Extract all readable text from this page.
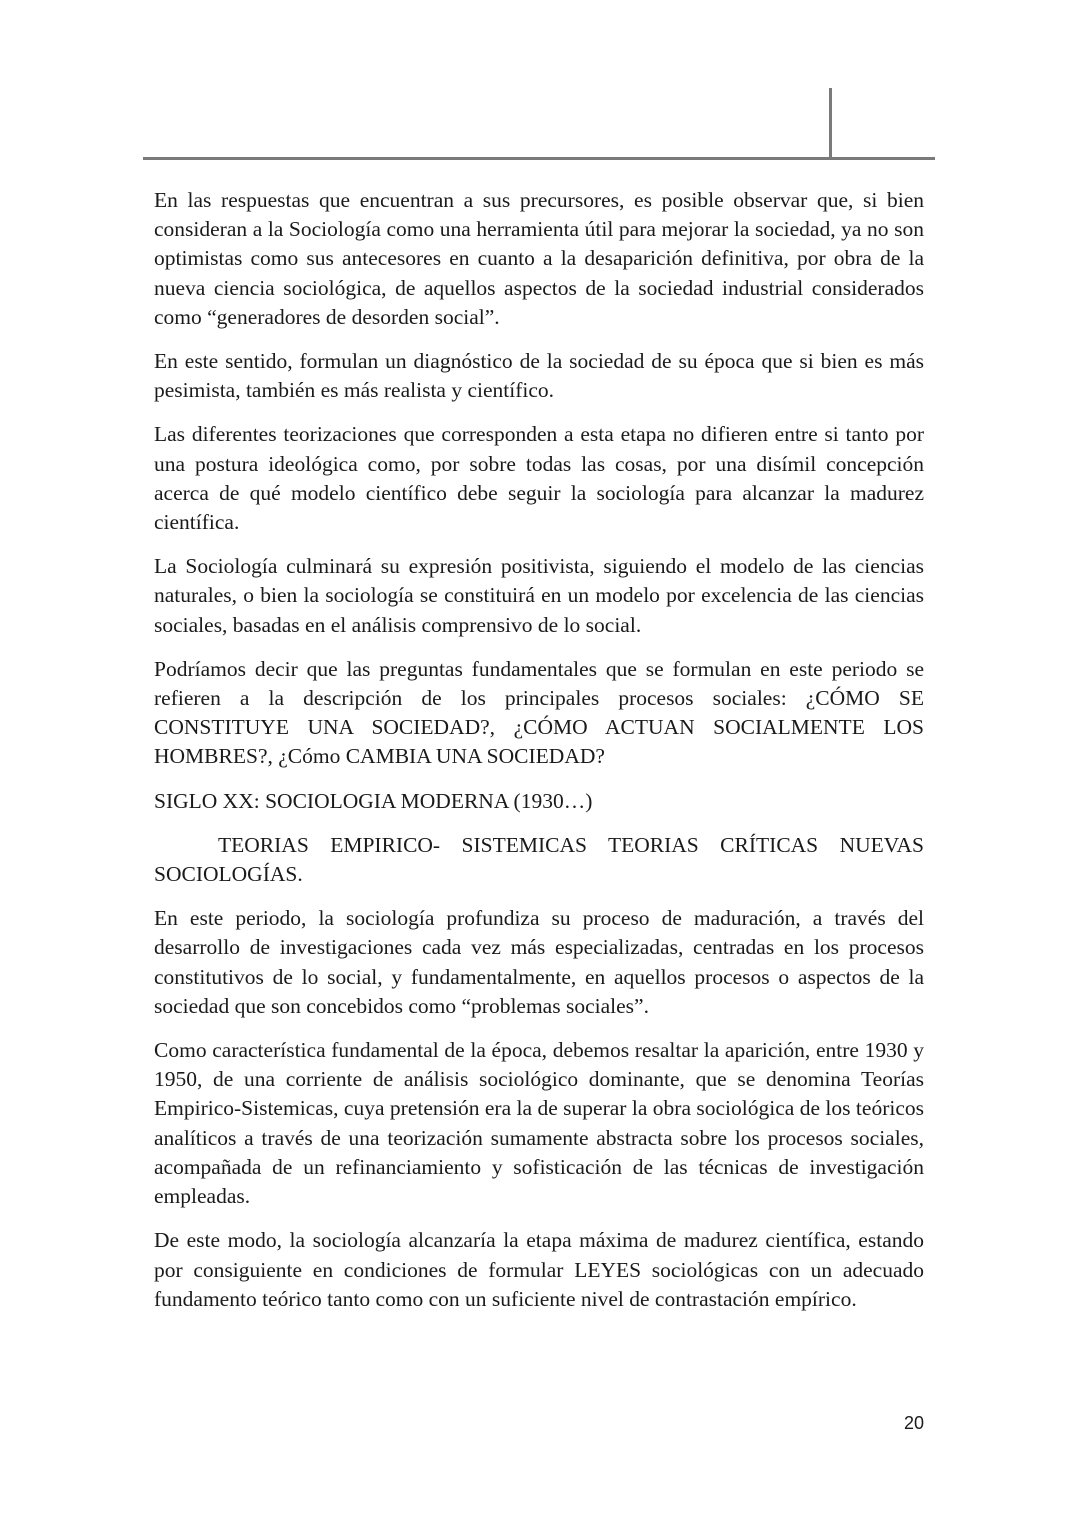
En las respuestas que encuentran a sus precursores, es posible observar que, si bien consideran a la Sociología como una herramienta útil para mejorar la sociedad, ya no son optimistas como sus antecesores en cuanto a la desaparición definitiva, por obra de la nueva ciencia sociológica, de aquellos aspectos de la sociedad industrial considerados como “generadores de desorden social”.

En este sentido, formulan un diagnóstico de la sociedad de su época que si bien es más pesimista, también es más realista y científico.

Las diferentes teorizaciones que corresponden a esta etapa no difieren entre si tanto por una postura ideológica como, por sobre todas las cosas, por una disímil concepción acerca de qué modelo científico debe seguir la sociología para alcanzar la madurez científica.

La Sociología culminará su expresión positivista, siguiendo el modelo de las ciencias naturales, o bien la sociología se constituirá en un modelo por excelencia de las ciencias sociales, basadas en el análisis comprensivo de lo social.

Podríamos decir que las preguntas fundamentales que se formulan en este periodo se refieren a la descripción de los principales procesos sociales: ¿CÓMO SE CONSTITUYE UNA SOCIEDAD?, ¿CÓMO ACTUAN SOCIALMENTE LOS HOMBRES?, ¿Cómo CAMBIA UNA SOCIEDAD?

SIGLO XX: SOCIOLOGIA MODERNA (1930…)

TEORIAS EMPIRICO- SISTEMICAS TEORIAS CRÍTICAS NUEVAS SOCIOLOGÍAS.

En este periodo, la sociología profundiza su proceso de maduración, a través del desarrollo de investigaciones cada vez más especializadas, centradas en los procesos constitutivos de lo social, y fundamentalmente, en aquellos procesos o aspectos de la sociedad que son concebidos como “problemas sociales”.

Como característica fundamental de la época, debemos resaltar la aparición, entre 1930 y 1950, de una corriente de análisis sociológico dominante, que se denomina Teorías Empirico-Sistemicas, cuya pretensión era la de superar la obra sociológica de los teóricos analíticos a través de una teorización sumamente abstracta sobre los procesos sociales, acompañada de un refinanciamiento y sofisticación de las técnicas de investigación empleadas.

De este modo, la sociología alcanzaría la etapa máxima de madurez científica, estando por consiguiente en condiciones de formular LEYES sociológicas con un adecuado fundamento teórico tanto como con un suficiente nivel de contrastación empírico.

20
